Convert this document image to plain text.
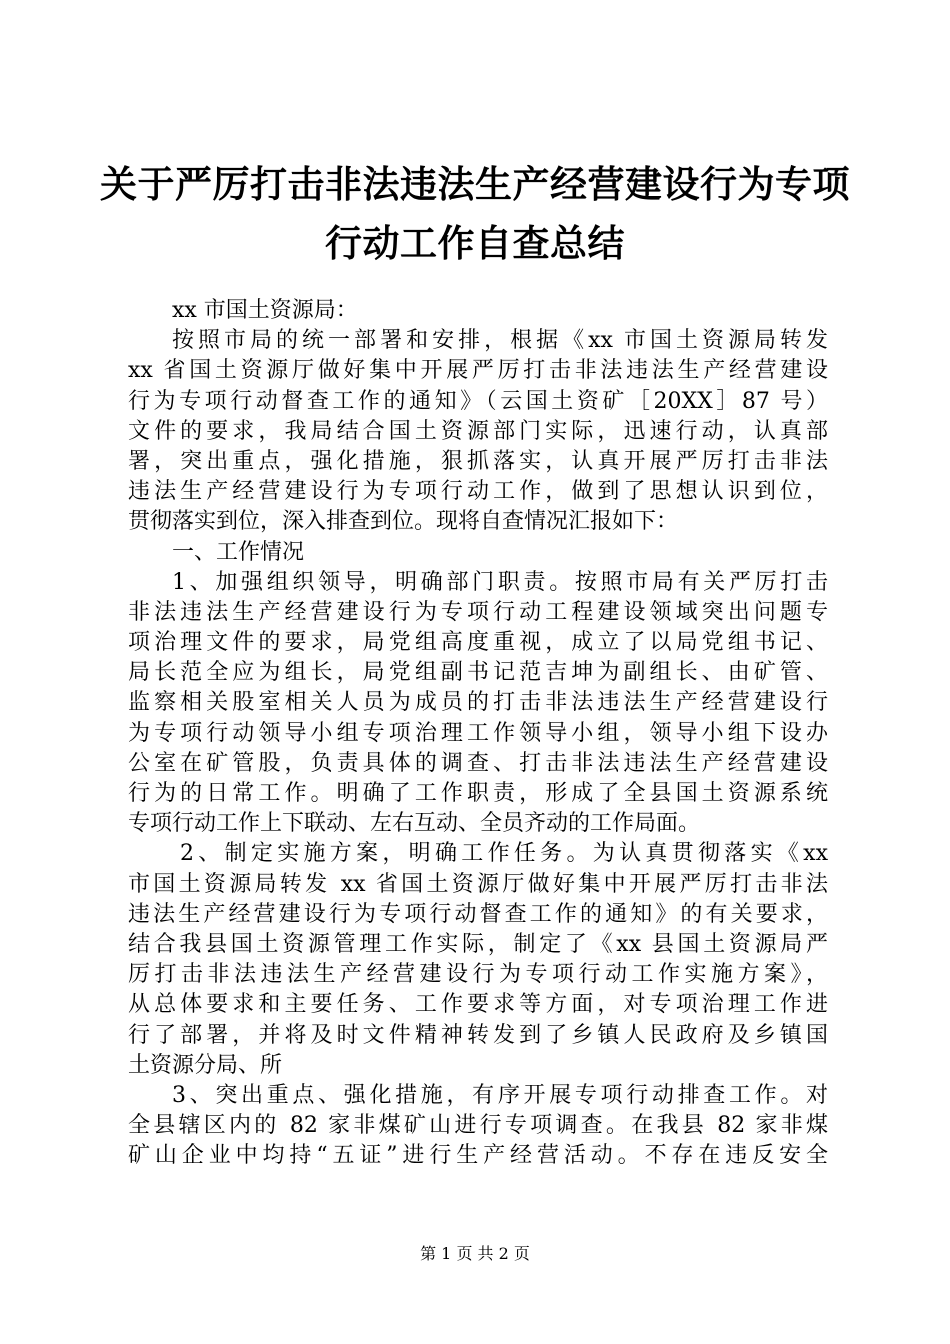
关于严厉打击非法违法生产经营建设行为专项
行动工作自查总结
xx 市国土资源局：
按照市局的统一部署和安排，根据《xx 市国土资源局转发
xx 省国土资源厅做好集中开展严厉打击非法违法生产经营建设
行为专项行动督查工作的通知》（云国土资矿［20XX］87 号）
文件的要求，我局结合国土资源部门实际，迅速行动，认真部
署，突出重点，强化措施，狠抓落实，认真开展严厉打击非法
违法生产经营建设行为专项行动工作，做到了思想认识到位，
贯彻落实到位，深入排查到位。现将自查情况汇报如下：
一、工作情况
1、加强组织领导，明确部门职责。按照市局有关严厉打击
非法违法生产经营建设行为专项行动工程建设领域突出问题专
项治理文件的要求，局党组高度重视，成立了以局党组书记、
局长范全应为组长，局党组副书记范吉坤为副组长、由矿管、
监察相关股室相关人员为成员的打击非法违法生产经营建设行
为专项行动领导小组专项治理工作领导小组，领导小组下设办
公室在矿管股，负责具体的调查、打击非法违法生产经营建设
行为的日常工作。明确了工作职责，形成了全县国土资源系统
专项行动工作上下联动、左右互动、全员齐动的工作局面。
2、制定实施方案，明确工作任务。为认真贯彻落实《xx
市国土资源局转发 xx 省国土资源厅做好集中开展严厉打击非法
违法生产经营建设行为专项行动督查工作的通知》的有关要求，
结合我县国土资源管理工作实际，制定了《xx 县国土资源局严
厉打击非法违法生产经营建设行为专项行动工作实施方案》，
从总体要求和主要任务、工作要求等方面，对专项治理工作进
行了部署，并将及时文件精神转发到了乡镇人民政府及乡镇国
土资源分局、所
3、突出重点、强化措施，有序开展专项行动排查工作。对
全县辖区内的 82 家非煤矿山进行专项调查。在我县 82 家非煤
矿山企业中均持“五证”进行生产经营活动。不存在违反安全
第 1 页 共 2 页
